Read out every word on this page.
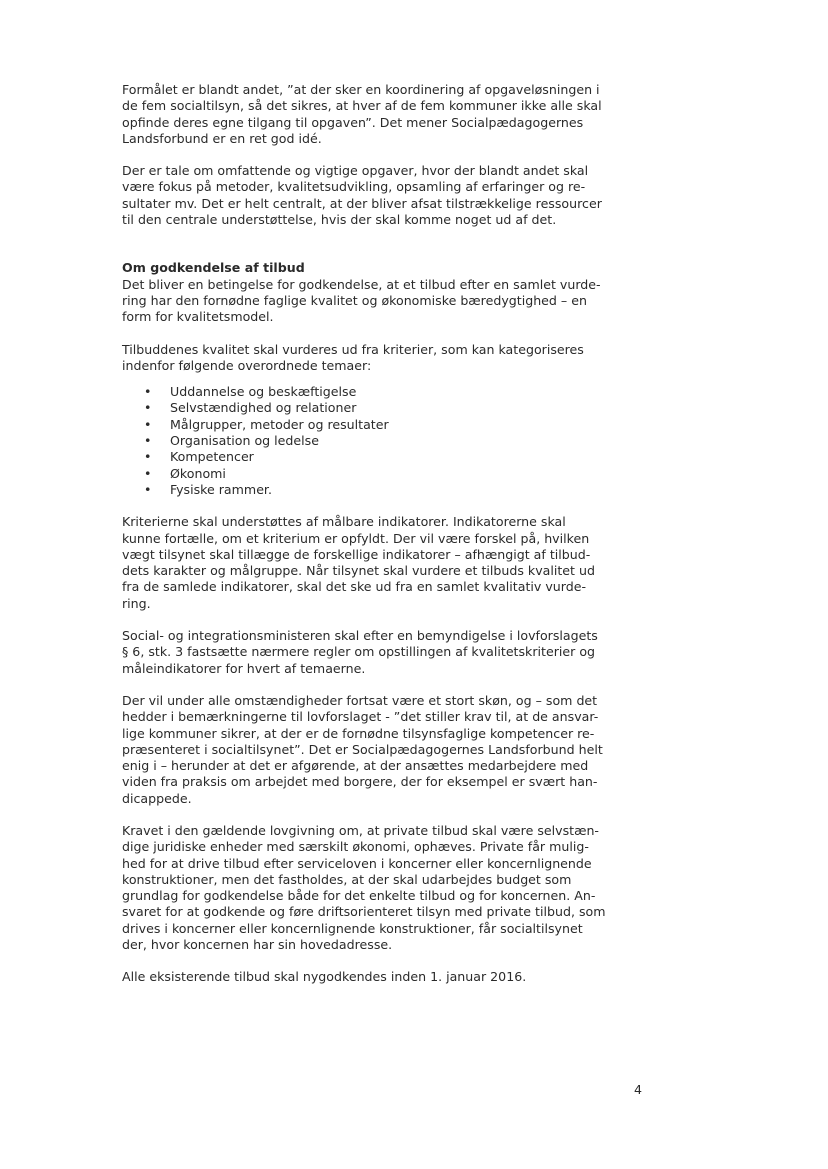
Formålet er blandt andet, ”at der sker en koordinering af opgaveløsningen i
de fem socialtilsyn, så det sikres, at hver af de fem kommuner ikke alle skal
opfinde deres egne tilgang til opgaven”. Det mener Socialpædagogernes
Landsforbund er en ret god idé.
Der er tale om omfattende og vigtige opgaver, hvor der blandt andet skal
være fokus på metoder, kvalitetsudvikling, opsamling af erfaringer og re-
sultater mv. Det er helt centralt, at der bliver afsat tilstrækkelige ressourcer
til den centrale understøttelse, hvis der skal komme noget ud af det.
Om godkendelse af tilbud
Det bliver en betingelse for godkendelse, at et tilbud efter en samlet vurde-
ring har den fornødne faglige kvalitet og økonomiske bæredygtighed – en
form for kvalitetsmodel.
Tilbuddenes kvalitet skal vurderes ud fra kriterier, som kan kategoriseres
indenfor følgende overordnede temaer:
• Uddannelse og beskæftigelse
• Selvstændighed og relationer
• Målgrupper, metoder og resultater
• Organisation og ledelse
• Kompetencer
• Økonomi
• Fysiske rammer.
Kriterierne skal understøttes af målbare indikatorer. Indikatorerne skal
kunne fortælle, om et kriterium er opfyldt. Der vil være forskel på, hvilken
vægt tilsynet skal tillægge de forskellige indikatorer – afhængigt af tilbud-
dets karakter og målgruppe. Når tilsynet skal vurdere et tilbuds kvalitet ud
fra de samlede indikatorer, skal det ske ud fra en samlet kvalitativ vurde-
ring.
Social- og integrationsministeren skal efter en bemyndigelse i lovforslagets
§ 6, stk. 3 fastsætte nærmere regler om opstillingen af kvalitetskriterier og
måleindikatorer for hvert af temaerne.
Der vil under alle omstændigheder fortsat være et stort skøn, og – som det
hedder i bemærkningerne til lovforslaget - ”det stiller krav til, at de ansvar-
lige kommuner sikrer, at der er de fornødne tilsynsfaglige kompetencer re-
præsenteret i socialtilsynet”. Det er Socialpædagogernes Landsforbund helt
enig i – herunder at det er afgørende, at der ansættes medarbejdere med
viden fra praksis om arbejdet med borgere, der for eksempel er svært han-
dicappede.
Kravet i den gældende lovgivning om, at private tilbud skal være selvstæn-
dige juridiske enheder med særskilt økonomi, ophæves. Private får mulig-
hed for at drive tilbud efter serviceloven i koncerner eller koncernlignende
konstruktioner, men det fastholdes, at der skal udarbejdes budget som
grundlag for godkendelse både for det enkelte tilbud og for koncernen. An-
svaret for at godkende og føre driftsorienteret tilsyn med private tilbud, som
drives i koncerner eller koncernlignende konstruktioner, får socialtilsynet
der, hvor koncernen har sin hovedadresse.
Alle eksisterende tilbud skal nygodkendes inden 1. januar 2016.
4
